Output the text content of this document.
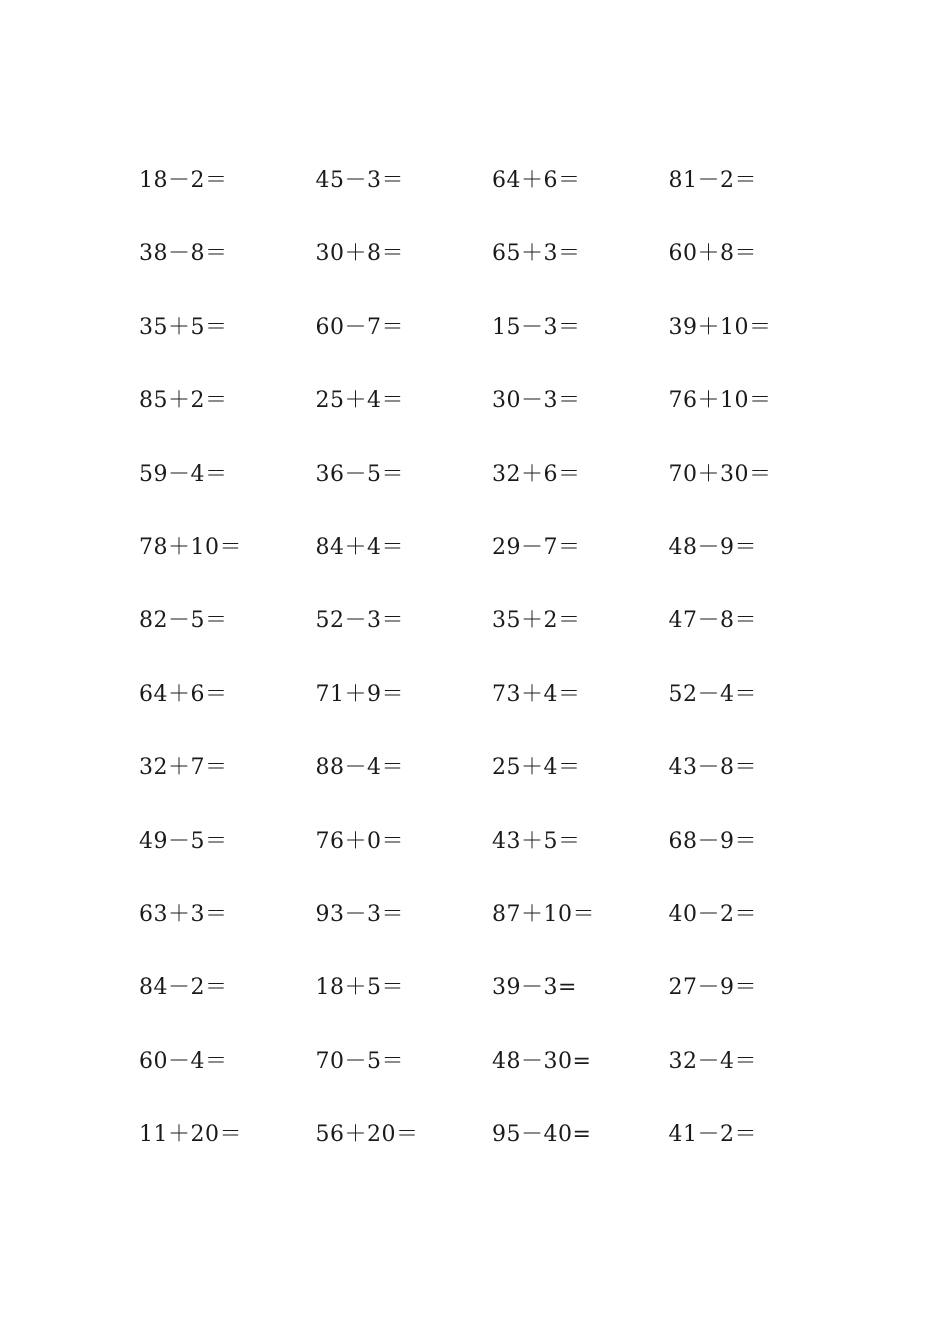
18－2＝	45－3＝	64＋6＝	81－2＝
38－8＝	30＋8＝	65＋3＝	60＋8＝
35＋5＝	60－7＝	15－3＝	39＋10＝
85＋2＝	25＋4＝	30－3＝	76＋10＝
59－4＝	36－5＝	32＋6＝	70＋30＝
78＋10＝	84＋4＝	29－7＝	48－9＝
82－5＝	52－3＝	35＋2＝	47－8＝
64＋6＝	71＋9＝	73＋4＝	52－4＝
32＋7＝	88－4＝	25＋4＝	43－8＝
49－5＝	76＋0＝	43＋5＝	68－9＝
63＋3＝	93－3＝	87＋10＝	40－2＝
84－2＝	18＋5＝	39－3=	27－9＝
60－4＝	70－5＝	48－30=	32－4＝
11＋20＝	56＋20＝	95－40=	41－2＝
